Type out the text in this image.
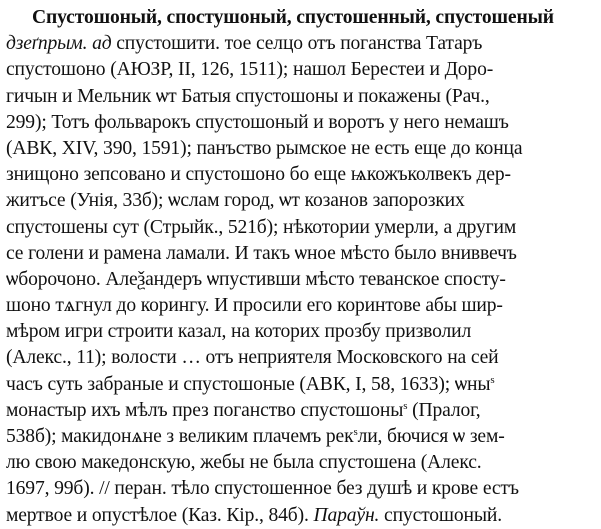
Спустошоный, спостушоный, спустошенный, спустошеный
дзеґпрым. ад спустошити. тое селцо отъ поганства Татаръ
спустошоно (АЮЗР, II, 126, 1511); нашол Берестеи и Доро-
гичын и Мельник ѡт Батыя спустошоны и покажены (Рач.,
299); Тотъ фольварокъ спустошоный и воротъ у него немашъ
(АВК, XIV, 390, 1591); панъство рымское не есть еще до конца
знищоно зепсовано и спустошоно бо еще ѩкожъколвекъ дер-
житъсе (Унія, 33б); ѡслам город, ѡт козанов запорозких
спустошены сут (Стрыйк., 521б); нѣкотории умерли, а другим
се голени и рамена ламали. И такъ ѡное мѣсто было вниввечъ
ѡборочоно. Алеѯандеръ ѡпустивши мѣсто теванское спосту-
шоно тѧгнул до корингу. И просили его коринтове абы шир-
мѣром игри строити казал, на которих прозбу призволил
(Алекс., 11); волости … отъ неприятеля Московского на сей
часъ суть забраные и спустошоные (АВК, I, 58, 1633); ѡны$^s$
монастыр ихъ мѣлъ през поганство спустошоны$^s$ (Пралог,
538б); макидонѧне з великим плачемъ рек$^s$ли, бючися ѡ зем-
лю свою македонскую, жебы не была спустошена (Алекс.
1697, 99б). // перан. тѣло спустошенное без душѣ и крове естъ
мертвое и опустѣлое (Каз. Кір., 84б). Параўн. спустошоный.
